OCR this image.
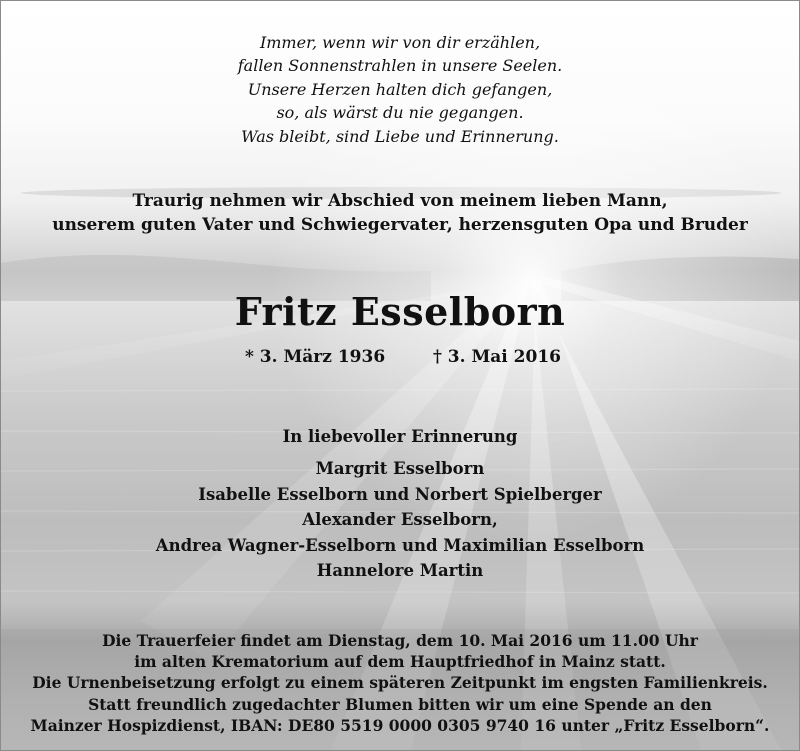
Immer, wenn wir von dir erzählen,
fallen Sonnenstrahlen in unsere Seelen.
Unsere Herzen halten dich gefangen,
so, als wärst du nie gegangen.
Was bleibt, sind Liebe und Erinnerung.
Traurig nehmen wir Abschied von meinem lieben Mann,
unserem guten Vater und Schwiegervater, herzensguten Opa und Bruder
Fritz Esselborn
* 3. März 1936	† 3. Mai 2016
In liebevoller Erinnerung
Margrit Esselborn
Isabelle Esselborn und Norbert Spielberger
Alexander Esselborn,
Andrea Wagner-Esselborn und Maximilian Esselborn
Hannelore Martin
Die Trauerfeier findet am Dienstag, dem 10. Mai 2016 um 11.00 Uhr
im alten Krematorium auf dem Hauptfriedhof in Mainz statt.
Die Urnenbeisetzung erfolgt zu einem späteren Zeitpunkt im engsten Familienkreis.
Statt freundlich zugedachter Blumen bitten wir um eine Spende an den
Mainzer Hospizdienst, IBAN: DE80 5519 0000 0305 9740 16 unter „Fritz Esselborn“.
